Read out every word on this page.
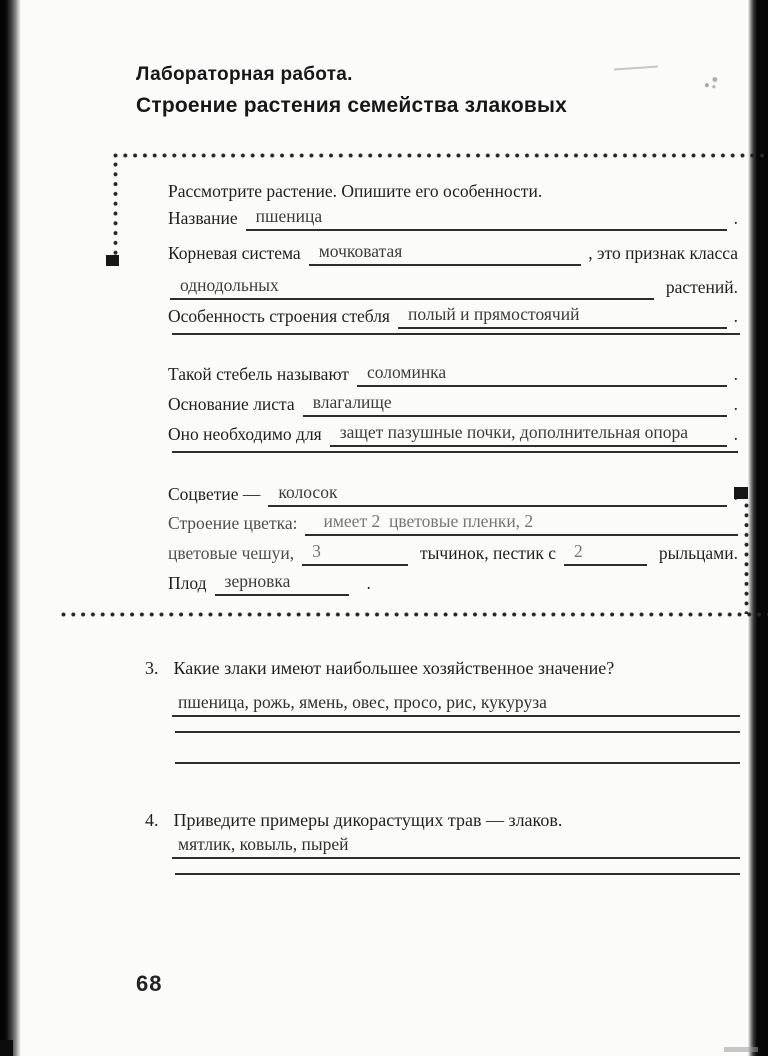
Лабораторная работа.
Строение растения семейства злаковых
Рассмотрите растение. Опишите его особенности.
Название	пшеница	.
Корневая система	мочковатая	, это признак класса
однодольных	растений.
Особенность строения стебля	полый и прямостоячий	.
Такой стебель называют	соломинка	.
Основание листа	влагалище	.
Оно необходимо для	защет пазушные почки, дополнительная опора	.
Соцветие —	колосок	.
Строение цветка:	имеет 2  цветовые пленки, 2
цветовые чешуи,	3	тычинок, пестик с	2	рыльцами.
Плод	зерновка	.
3. Какие злаки имеют наибольшее хозяйственное значение?
пшеница, рожь, ямень, овес, просо, рис, кукуруза
4. Приведите примеры дикорастущих трав — злаков.
мятлик, ковыль, пырей
68
